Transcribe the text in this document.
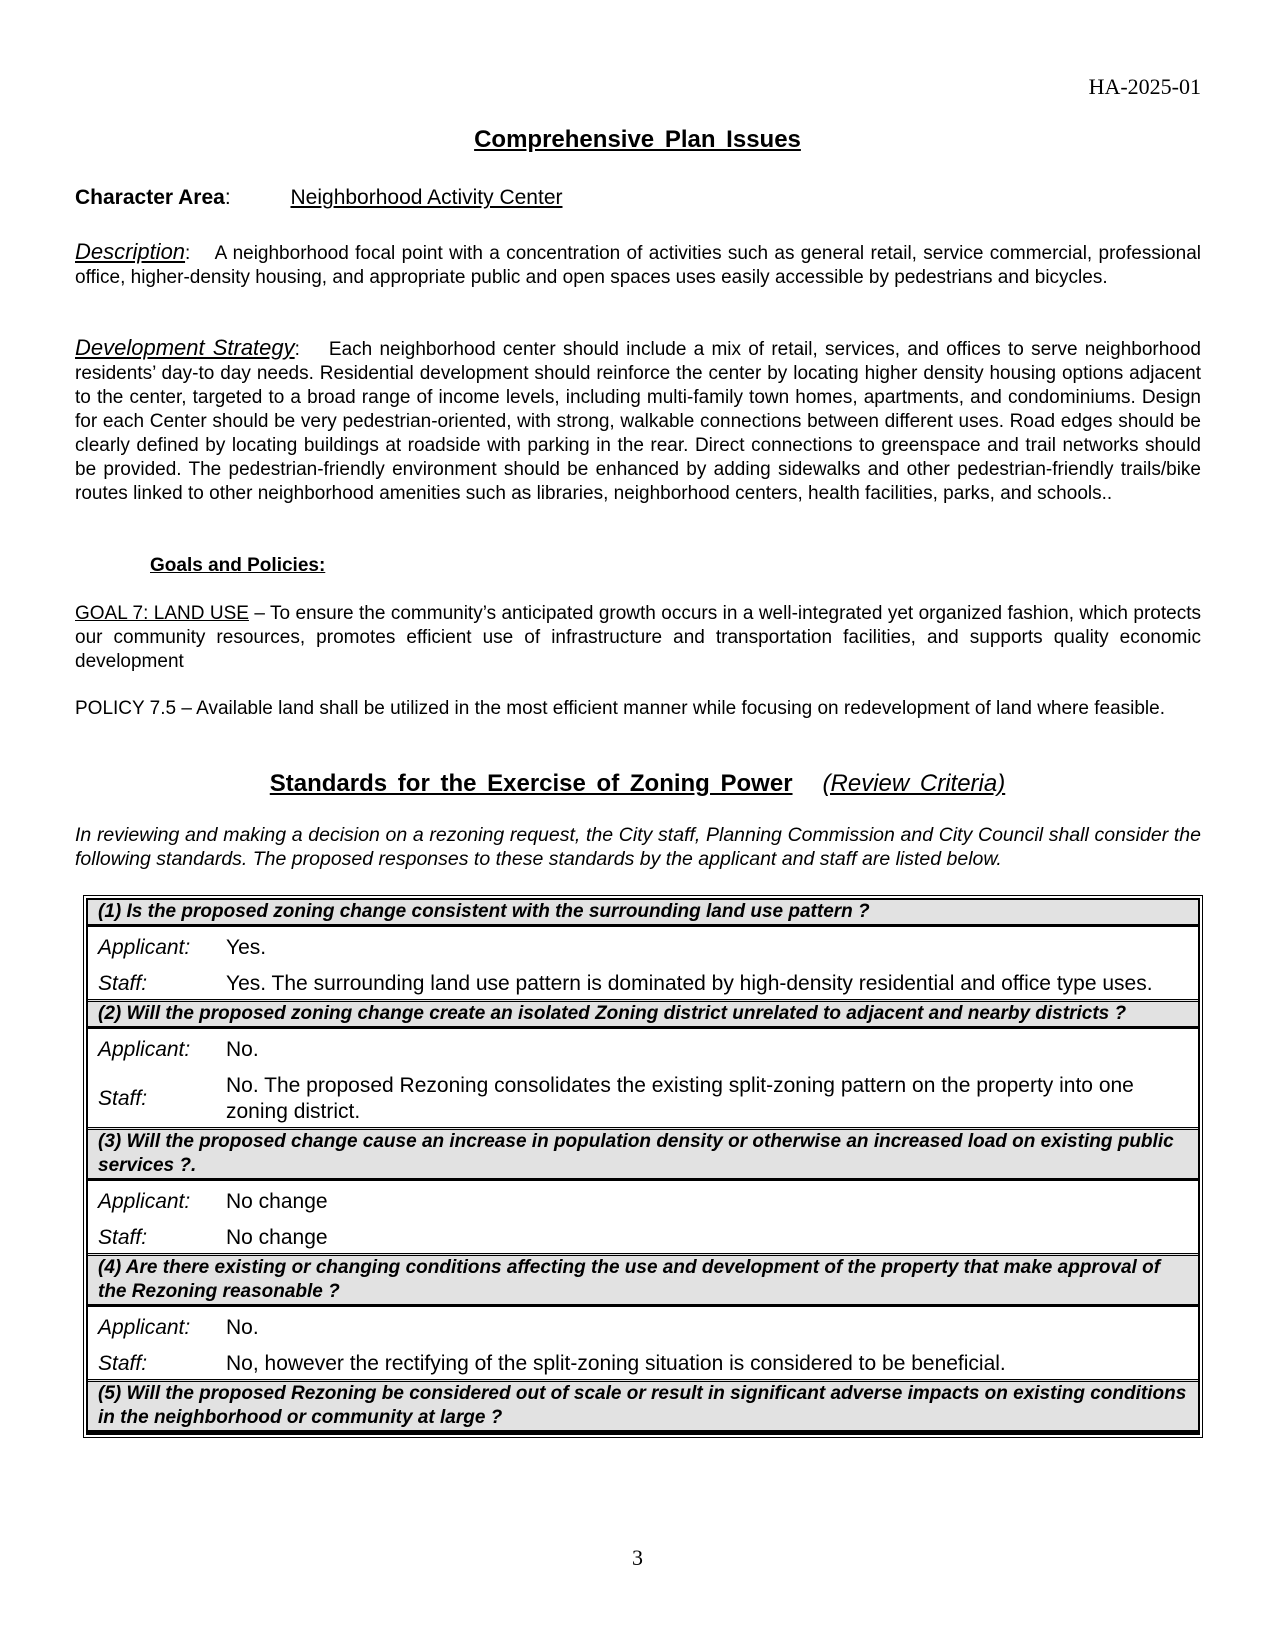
HA-2025-01
Comprehensive Plan Issues
Character Area:	Neighborhood Activity Center
Description:    A neighborhood focal point with a concentration of activities such as general retail, service commercial, professional office, higher-density housing, and appropriate public and open spaces uses easily accessible by pedestrians and bicycles.
Development Strategy:    Each neighborhood center should include a mix of retail, services, and offices to serve neighborhood residents’ day-to day needs. Residential development should reinforce the center by locating higher density housing options adjacent to the center, targeted to a broad range of income levels, including multi-family town homes, apartments, and condominiums. Design for each Center should be very pedestrian-oriented, with strong, walkable connections between different uses. Road edges should be clearly defined by locating buildings at roadside with parking in the rear. Direct connections to greenspace and trail networks should be provided. The pedestrian-friendly environment should be enhanced by adding sidewalks and other pedestrian-friendly trails/bike routes linked to other neighborhood amenities such as libraries, neighborhood centers, health facilities, parks, and schools..
Goals and Policies:
GOAL 7: LAND USE – To ensure the community’s anticipated growth occurs in a well-integrated yet organized fashion, which protects our community resources, promotes efficient use of infrastructure and transportation facilities, and supports quality economic development
POLICY 7.5 – Available land shall be utilized in the most efficient manner while focusing on redevelopment of land where feasible.
Standards for the Exercise of Zoning Power (Review Criteria)
In reviewing and making a decision on a rezoning request, the City staff, Planning Commission and City Council shall consider the following standards. The proposed responses to these standards by the applicant and staff are listed below.
(1) Is the proposed zoning change consistent with the surrounding land use pattern ?	
Applicant:	Yes.
Staff:	Yes. The surrounding land use pattern is dominated by high-density residential and office type uses.
(2) Will the proposed zoning change create an isolated Zoning district unrelated to adjacent and nearby districts ?	
Applicant:	No.
Staff:	No. The proposed Rezoning consolidates the existing split-zoning pattern on the property into one zoning district.
(3) Will the proposed change cause an increase in population density or otherwise an increased load on existing public services ?.	
Applicant:	No change
Staff:	No change
(4) Are there existing or changing conditions affecting the use and development of the property that make approval of the Rezoning reasonable ?	
Applicant:	No.
Staff:	No, however the rectifying of the split-zoning situation is considered to be beneficial.
(5) Will the proposed Rezoning be considered out of scale or result in significant adverse impacts on existing conditions in the neighborhood or community at large ?	
3
